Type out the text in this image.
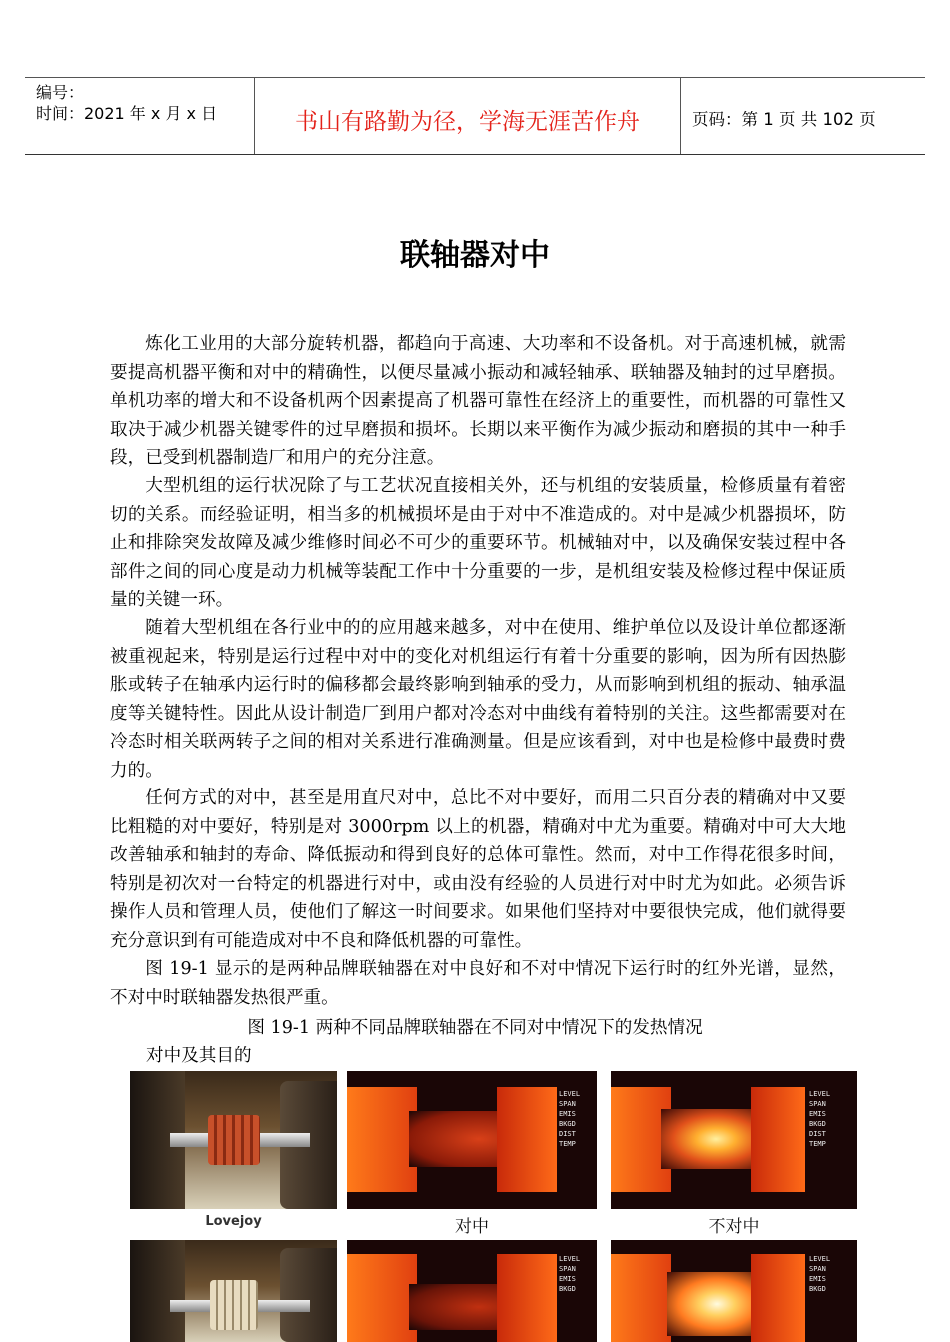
编号：
时间：2021 年 x 月 x 日	书山有路勤为径，学海无涯苦作舟	页码：第 1 页 共 102 页
联轴器对中

炼化工业用的大部分旋转机器，都趋向于高速、大功率和不设备机。对于高速机械，就需要提高机器平衡和对中的精确性，以便尽量减小振动和减轻轴承、联轴器及轴封的过早磨损。单机功率的增大和不设备机两个因素提高了机器可靠性在经济上的重要性，而机器的可靠性又取决于减少机器关键零件的过早磨损和损坏。长期以来平衡作为减少振动和磨损的其中一种手段，已受到机器制造厂和用户的充分注意。

大型机组的运行状况除了与工艺状况直接相关外，还与机组的安装质量，检修质量有着密切的关系。而经验证明，相当多的机械损坏是由于对中不准造成的。对中是减少机器损坏，防止和排除突发故障及减少维修时间必不可少的重要环节。机械轴对中，以及确保安装过程中各部件之间的同心度是动力机械等装配工作中十分重要的一步，是机组安装及检修过程中保证质量的关键一环。

随着大型机组在各行业中的的应用越来越多，对中在使用、维护单位以及设计单位都逐渐被重视起来，特别是运行过程中对中的变化对机组运行有着十分重要的影响，因为所有因热膨胀或转子在轴承内运行时的偏移都会最终影响到轴承的受力，从而影响到机组的振动、轴承温度等关键特性。因此从设计制造厂到用户都对冷态对中曲线有着特别的关注。这些都需要对在冷态时相关联两转子之间的相对关系进行准确测量。但是应该看到，对中也是检修中最费时费力的。

任何方式的对中，甚至是用直尺对中，总比不对中要好，而用二只百分表的精确对中又要比粗糙的对中要好，特别是对 3000rpm 以上的机器，精确对中尤为重要。精确对中可大大地改善轴承和轴封的寿命、降低振动和得到良好的总体可靠性。然而，对中工作得花很多时间，特别是初次对一台特定的机器进行对中，或由没有经验的人员进行对中时尤为如此。必须告诉操作人员和管理人员，使他们了解这一时间要求。如果他们坚持对中要很快完成，他们就得要充分意识到有可能造成对中不良和降低机器的可靠性。

图 19-1 显示的是两种品牌联轴器在对中良好和不对中情况下运行时的红外光谱，显然，不对中时联轴器发热很严重。

图 19-1 两种不同品牌联轴器在不同对中情况下的发热情况
对中及其目的
Lovejoy
LEVEL
SPAN
EMIS
BKGD
DIST
TEMP
对中
LEVEL
SPAN
EMIS
BKGD
DIST
TEMP
不对中
LEVEL
SPAN
EMIS
BKGD
LEVEL
SPAN
EMIS
BKGD
